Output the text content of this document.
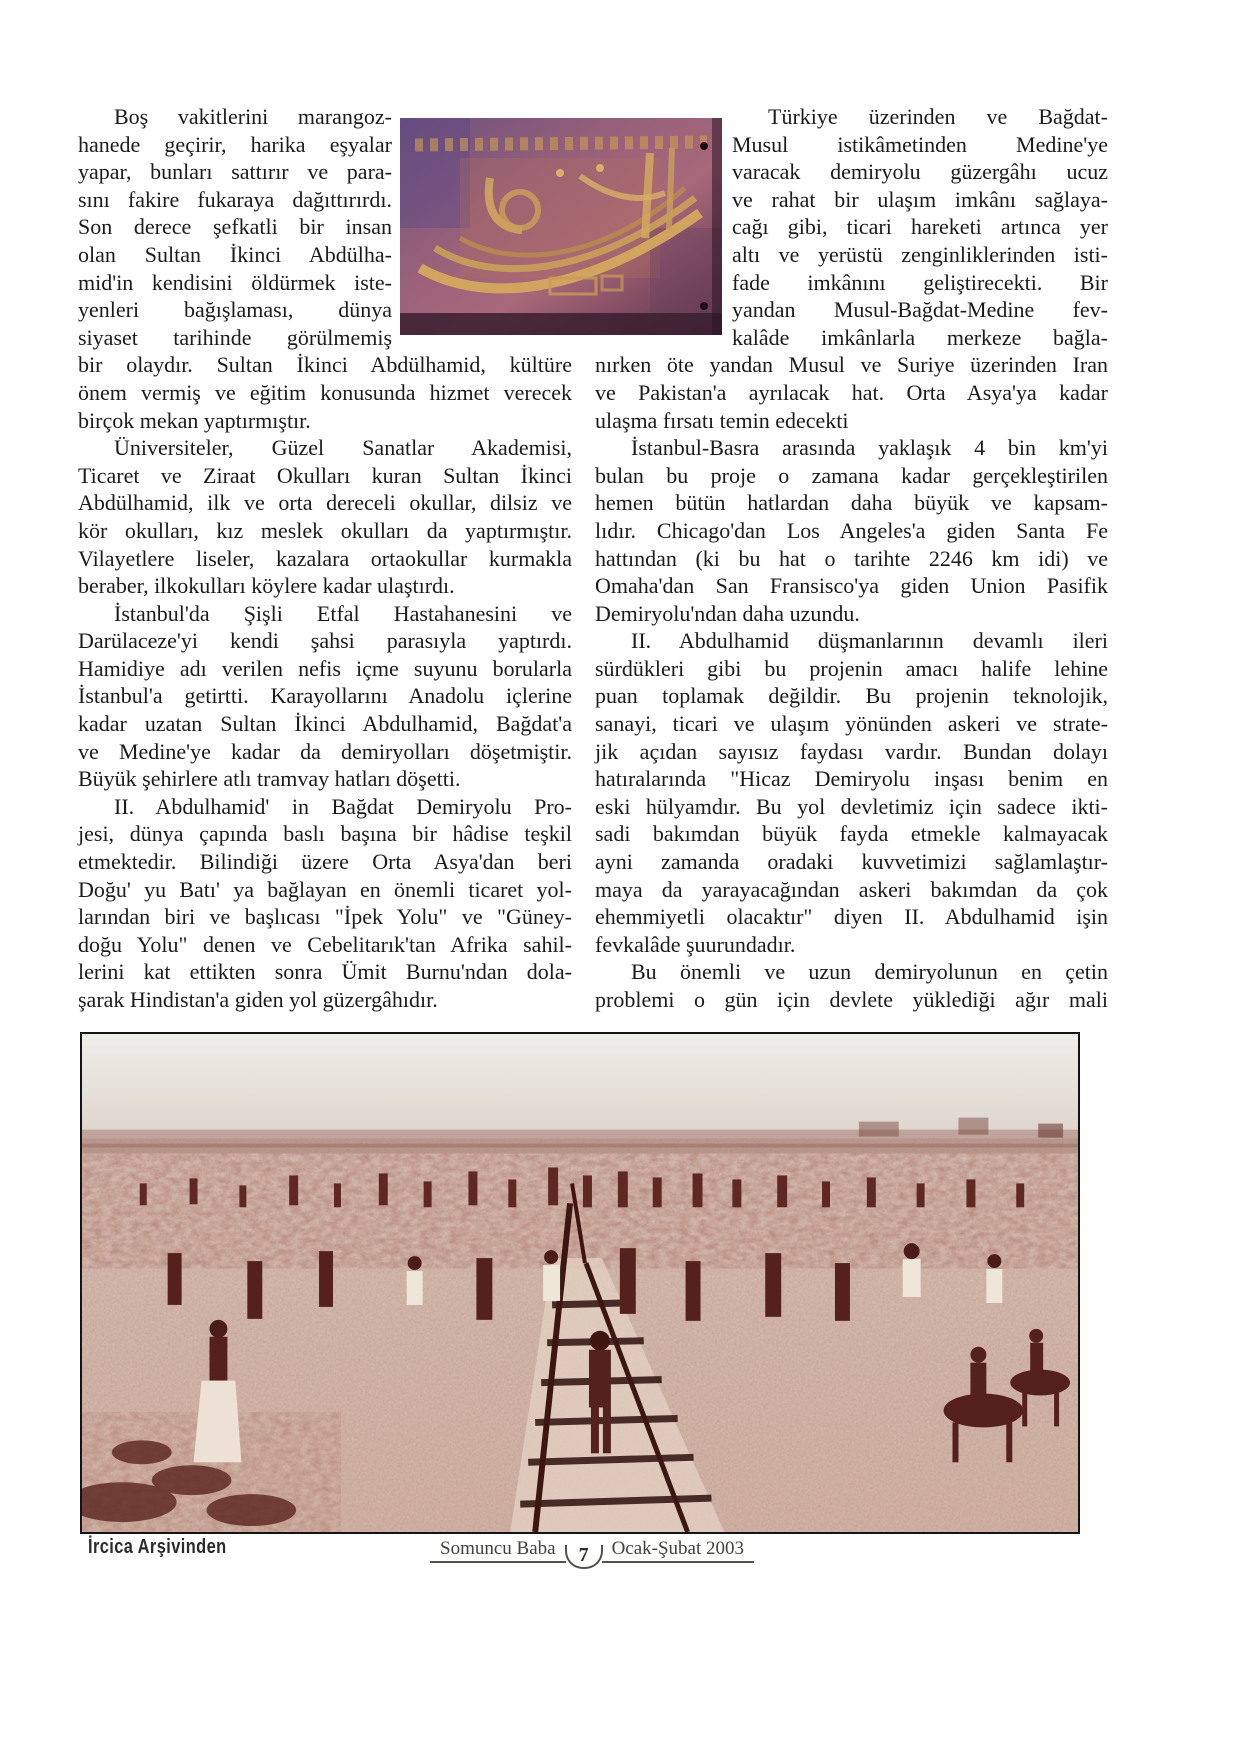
Boş vakitlerini marangoz-
hanede geçirir, harika eşyalar
yapar, bunları sattırır ve para-
sını fakire fukaraya dağıttırırdı.
Son derece şefkatli bir insan
olan Sultan İkinci Abdülha-
mid'in kendisini öldürmek iste-
yenleri bağışlaması, dünya
siyaset tarihinde görülmemiş
Türkiye üzerinden ve Bağdat-
Musul istikâmetinden Medine'ye
varacak demiryolu güzergâhı ucuz
ve rahat bir ulaşım imkânı sağlaya-
cağı gibi, ticari hareketi artınca yer
altı ve yerüstü zenginliklerinden isti-
fade imkânını geliştirecekti. Bir
yandan Musul-Bağdat-Medine fev-
kalâde imkânlarla merkeze bağla-
bir olaydır. Sultan İkinci Abdülhamid, kültüre
önem vermiş ve eğitim konusunda hizmet verecek
birçok mekan yaptırmıştır.
Üniversiteler, Güzel Sanatlar Akademisi,
Ticaret ve Ziraat Okulları kuran Sultan İkinci
Abdülhamid, ilk ve orta dereceli okullar, dilsiz ve
kör okulları, kız meslek okulları da yaptırmıştır.
Vilayetlere liseler, kazalara ortaokullar kurmakla
beraber, ilkokulları köylere kadar ulaştırdı.
İstanbul'da Şişli Etfal Hastahanesini ve
Darülaceze'yi kendi şahsi parasıyla yaptırdı.
Hamidiye adı verilen nefis içme suyunu borularla
İstanbul'a getirtti. Karayollarını Anadolu içlerine
kadar uzatan Sultan İkinci Abdulhamid, Bağdat'a
ve Medine'ye kadar da demiryolları döşetmiştir.
Büyük şehirlere atlı tramvay hatları döşetti.
II. Abdulhamid' in Bağdat Demiryolu Pro-
jesi, dünya çapında baslı başına bir hâdise teşkil
etmektedir. Bilindiği üzere Orta Asya'dan beri
Doğu' yu Batı' ya bağlayan en önemli ticaret yol-
larından biri ve başlıcası "İpek Yolu" ve "Güney-
doğu Yolu" denen ve Cebelitarık'tan Afrika sahil-
lerini kat ettikten sonra Ümit Burnu'ndan dola-
şarak Hindistan'a giden yol güzergâhıdır.
nırken öte yandan Musul ve Suriye üzerinden Iran
ve Pakistan'a ayrılacak hat. Orta Asya'ya kadar
ulaşma fırsatı temin edecekti
İstanbul-Basra arasında yaklaşık 4 bin km'yi
bulan bu proje o zamana kadar gerçekleştirilen
hemen bütün hatlardan daha büyük ve kapsam-
lıdır. Chicago'dan Los Angeles'a giden Santa Fe
hattından (ki bu hat o tarihte 2246 km idi) ve
Omaha'dan San Fransisco'ya giden Union Pasifik
Demiryolu'ndan daha uzundu.
II. Abdulhamid düşmanlarının devamlı ileri
sürdükleri gibi bu projenin amacı halife lehine
puan toplamak değildir. Bu projenin teknolojik,
sanayi, ticari ve ulaşım yönünden askeri ve strate-
jik açıdan sayısız faydası vardır. Bundan dolayı
hatıralarında "Hicaz Demiryolu inşası benim en
eski hülyamdır. Bu yol devletimiz için sadece ikti-
sadi bakımdan büyük fayda etmekle kalmayacak
ayni zamanda oradaki kuvvetimizi sağlamlaştır-
maya da yarayacağından askeri bakımdan da çok
ehemmiyetli olacaktır" diyen II. Abdulhamid işin
fevkalâde şuurundadır.
Bu önemli ve uzun demiryolunun en çetin
problemi o gün için devlete yüklediği ağır mali
İrcica Arşivinden	Somuncu Baba	7	Ocak-Şubat 2003
